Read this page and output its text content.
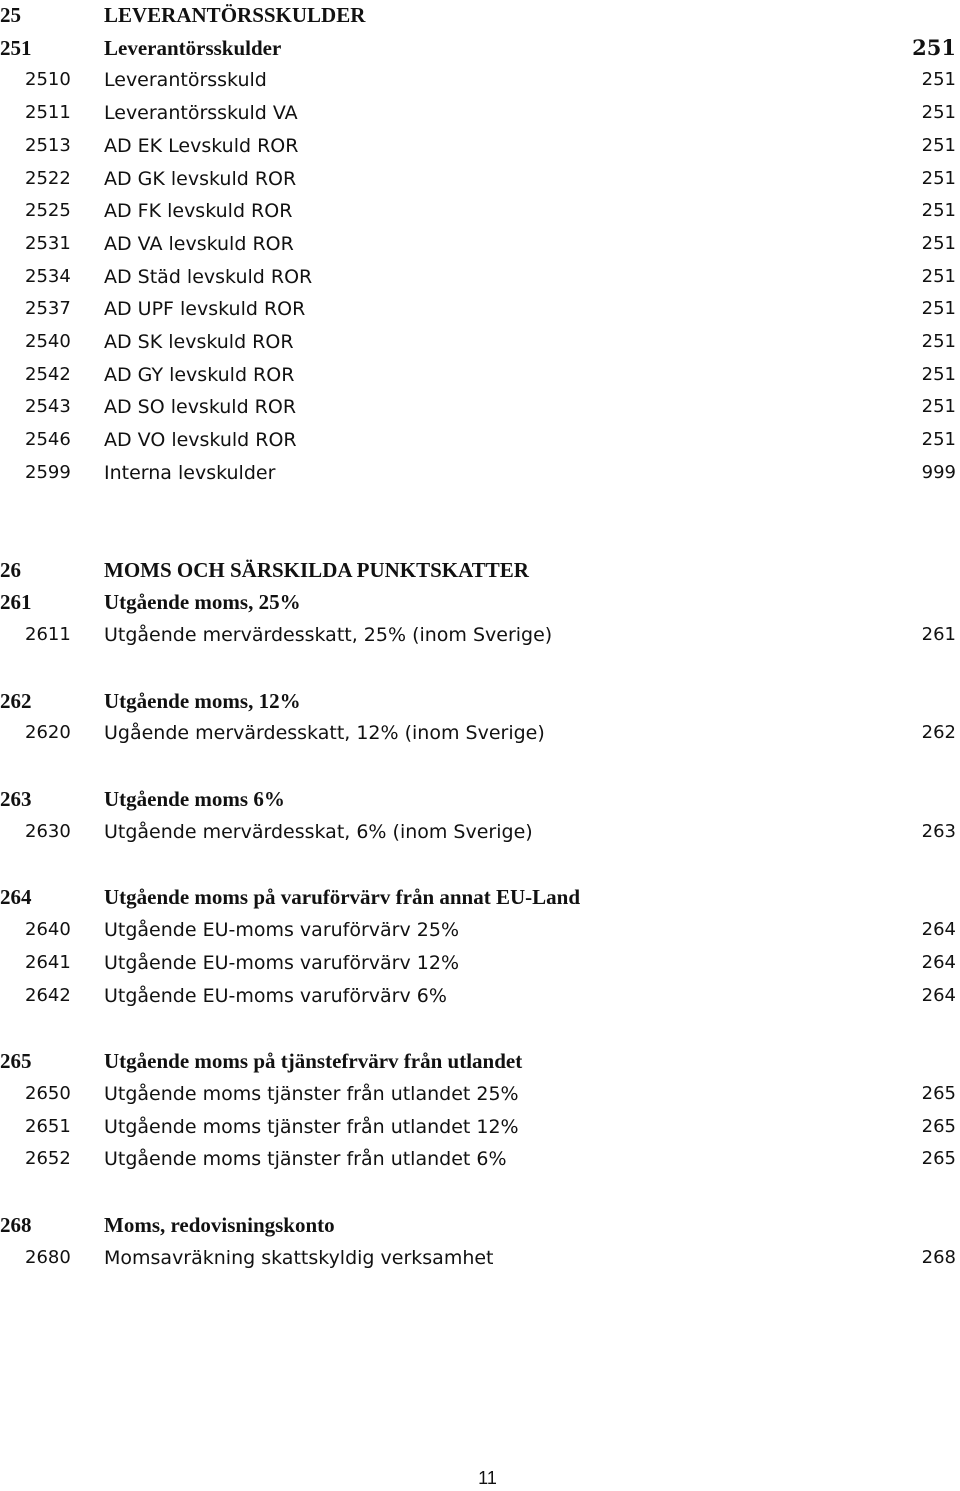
25	LEVERANTÖRSSKULDER
251	Leverantörsskulder	251
2510 Leverantörsskuld	251
2511 Leverantörsskuld VA	251
2513 AD EK Levskuld ROR	251
2522 AD GK levskuld ROR	251
2525 AD FK levskuld ROR	251
2531 AD VA levskuld ROR	251
2534 AD Städ levskuld ROR	251
2537 AD UPF levskuld ROR	251
2540 AD SK levskuld ROR	251
2542 AD GY levskuld ROR	251
2543 AD SO levskuld ROR	251
2546 AD VO levskuld ROR	251
2599 Interna levskulder	999
26	MOMS OCH SÄRSKILDA PUNKTSKATTER
261	Utgående moms, 25%
2611 Utgående mervärdesskatt, 25% (inom Sverige)	261
262	Utgående moms, 12%
2620 Ugående mervärdesskatt, 12% (inom Sverige)	262
263	Utgående moms 6%
2630 Utgående mervärdesskat, 6% (inom Sverige)	263
264	Utgående moms på varuförvärv från annat EU-Land
2640 Utgående EU-moms varuförvärv 25%	264
2641 Utgående EU-moms varuförvärv 12%	264
2642 Utgående EU-moms varuförvärv 6%	264
265	Utgående moms på tjänstefrvärv från utlandet
2650 Utgående moms tjänster från utlandet 25%	265
2651 Utgående moms tjänster från utlandet 12%	265
2652 Utgående moms tjänster från utlandet 6%	265
268	Moms, redovisningskonto
2680 Momsavräkning skattskyldig verksamhet	268
11
